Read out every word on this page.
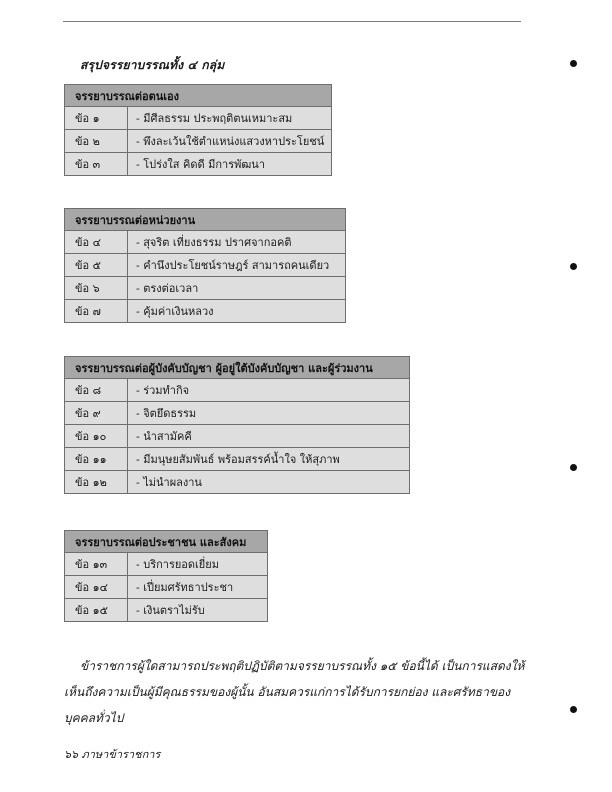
สรุปจรรยาบรรณทั้ง ๔ กลุ่ม
จรรยาบรรณต่อตนเอง	
ข้อ ๑	- มีศีลธรรม ประพฤติตนเหมาะสม
ข้อ ๒	- พึงละเว้นใช้ตำแหน่งแสวงหาประโยชน์
ข้อ ๓	- โปร่งใส คิดดี มีการพัฒนา
จรรยาบรรณต่อหน่วยงาน	
ข้อ ๔	- สุจริต เที่ยงธรรม ปราศจากอคติ
ข้อ ๕	- คำนึงประโยชน์ราษฎร์ สามารถคนเดียว
ข้อ ๖	- ตรงต่อเวลา
ข้อ ๗	- คุ้มค่าเงินหลวง
จรรยาบรรณต่อผู้บังคับบัญชา ผู้อยู่ใต้บังคับบัญชา และผู้ร่วมงาน	
ข้อ ๘	- ร่วมทำกิจ
ข้อ ๙	- จิตยึดธรรม
ข้อ ๑๐	- นำสามัคคี
ข้อ ๑๑	- มีมนุษยสัมพันธ์ พร้อมสรรค์น้ำใจ ให้สุภาพ
ข้อ ๑๒	- ไม่นำผลงาน
จรรยาบรรณต่อประชาชน และสังคม	
ข้อ ๑๓	- บริการยอดเยี่ยม
ข้อ ๑๔	- เปี่ยมศรัทธาประชา
ข้อ ๑๕	- เงินตราไม่รับ
ข้าราชการผู้ใดสามารถประพฤติปฏิบัติตามจรรยาบรรณทั้ง ๑๕ ข้อนี้ได้ เป็นการแสดงให้
เห็นถึงความเป็นผู้มีคุณธรรมของผู้นั้น อันสมควรแก่การได้รับการยกย่อง และศรัทธาของ
บุคคลทั่วไป
๖๖ ภาษาข้าราชการ
